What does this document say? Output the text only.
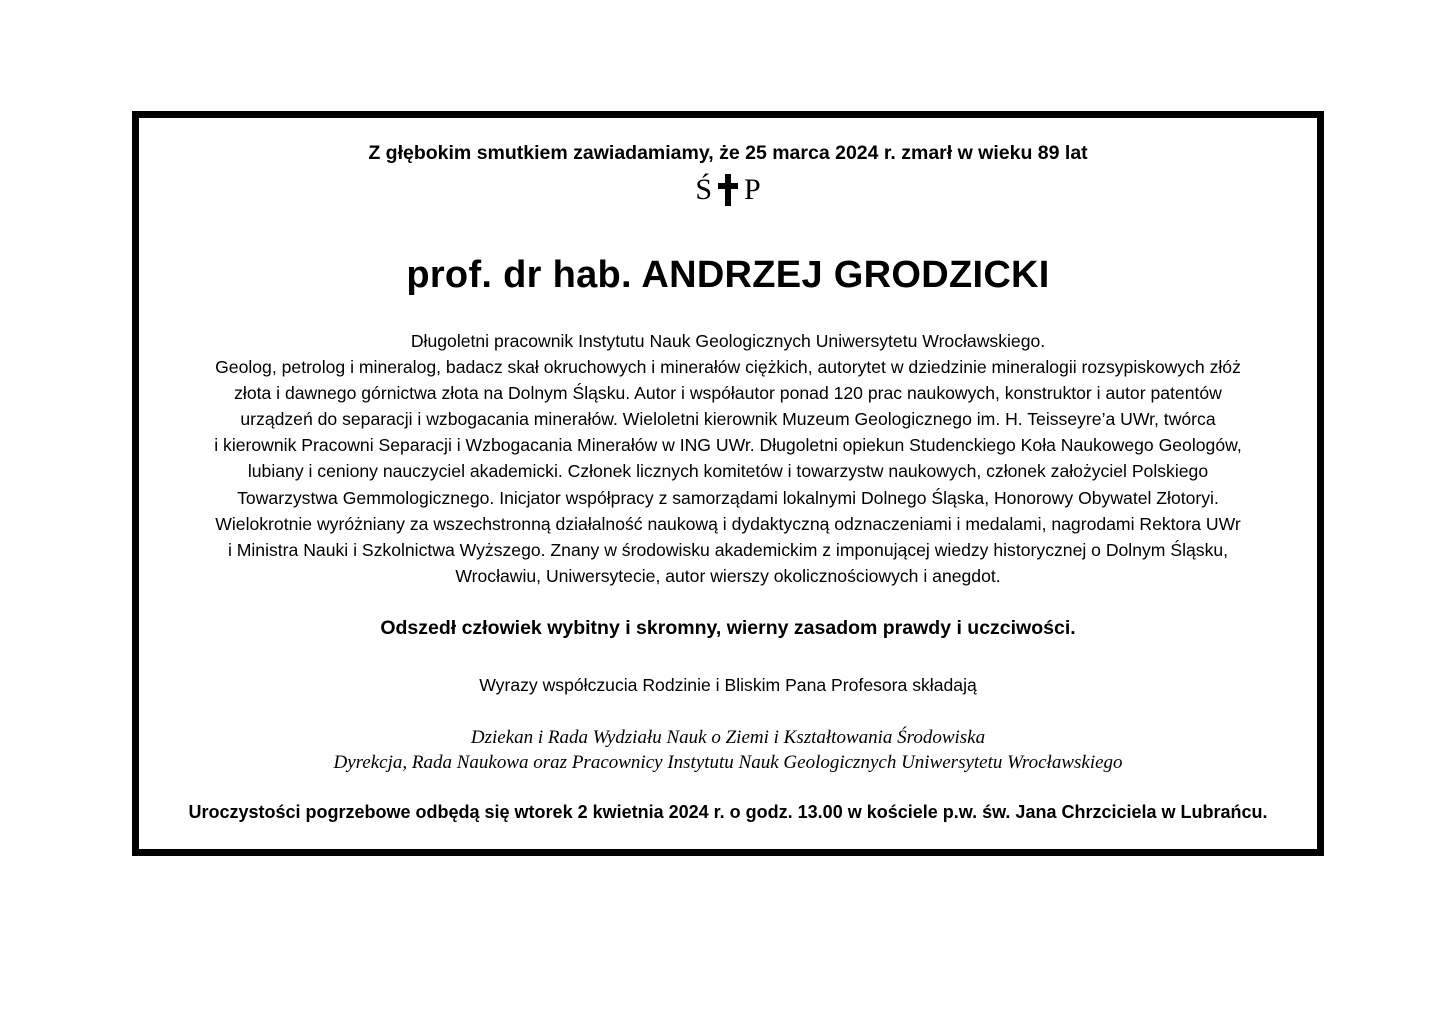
Z głębokim smutkiem zawiadamiamy, że 25 marca 2024 r. zmarł w wieku 89 lat
Ś P
prof. dr hab. ANDRZEJ GRODZICKI
Długoletni pracownik Instytutu Nauk Geologicznych Uniwersytetu Wrocławskiego.
Geolog, petrolog i mineralog, badacz skał okruchowych i minerałów ciężkich, autorytet w dziedzinie mineralogii rozsypiskowych złóż
złota i dawnego górnictwa złota na Dolnym Śląsku. Autor i współautor ponad 120 prac naukowych, konstruktor i autor patentów
urządzeń do separacji i wzbogacania minerałów. Wieloletni kierownik Muzeum Geologicznego im. H. Teisseyre’a UWr, twórca
i kierownik Pracowni Separacji i Wzbogacania Minerałów w ING UWr. Długoletni opiekun Studenckiego Koła Naukowego Geologów,
lubiany i ceniony nauczyciel akademicki. Członek licznych komitetów i towarzystw naukowych, członek założyciel Polskiego
Towarzystwa Gemmologicznego. Inicjator współpracy z samorządami lokalnymi Dolnego Śląska, Honorowy Obywatel Złotoryi.
Wielokrotnie wyróżniany za wszechstronną działalność naukową i dydaktyczną odznaczeniami i medalami, nagrodami Rektora UWr
i Ministra Nauki i Szkolnictwa Wyższego. Znany w środowisku akademickim z imponującej wiedzy historycznej o Dolnym Śląsku,
Wrocławiu, Uniwersytecie, autor wierszy okolicznościowych i anegdot.
Odszedł człowiek wybitny i skromny, wierny zasadom prawdy i uczciwości.
Wyrazy współczucia Rodzinie i Bliskim Pana Profesora składają
Dziekan i Rada Wydziału Nauk o Ziemi i Kształtowania Środowiska
Dyrekcja, Rada Naukowa oraz Pracownicy Instytutu Nauk Geologicznych Uniwersytetu Wrocławskiego
Uroczystości pogrzebowe odbędą się wtorek 2 kwietnia 2024 r. o godz. 13.00 w kościele p.w. św. Jana Chrzciciela w Lubrańcu.
